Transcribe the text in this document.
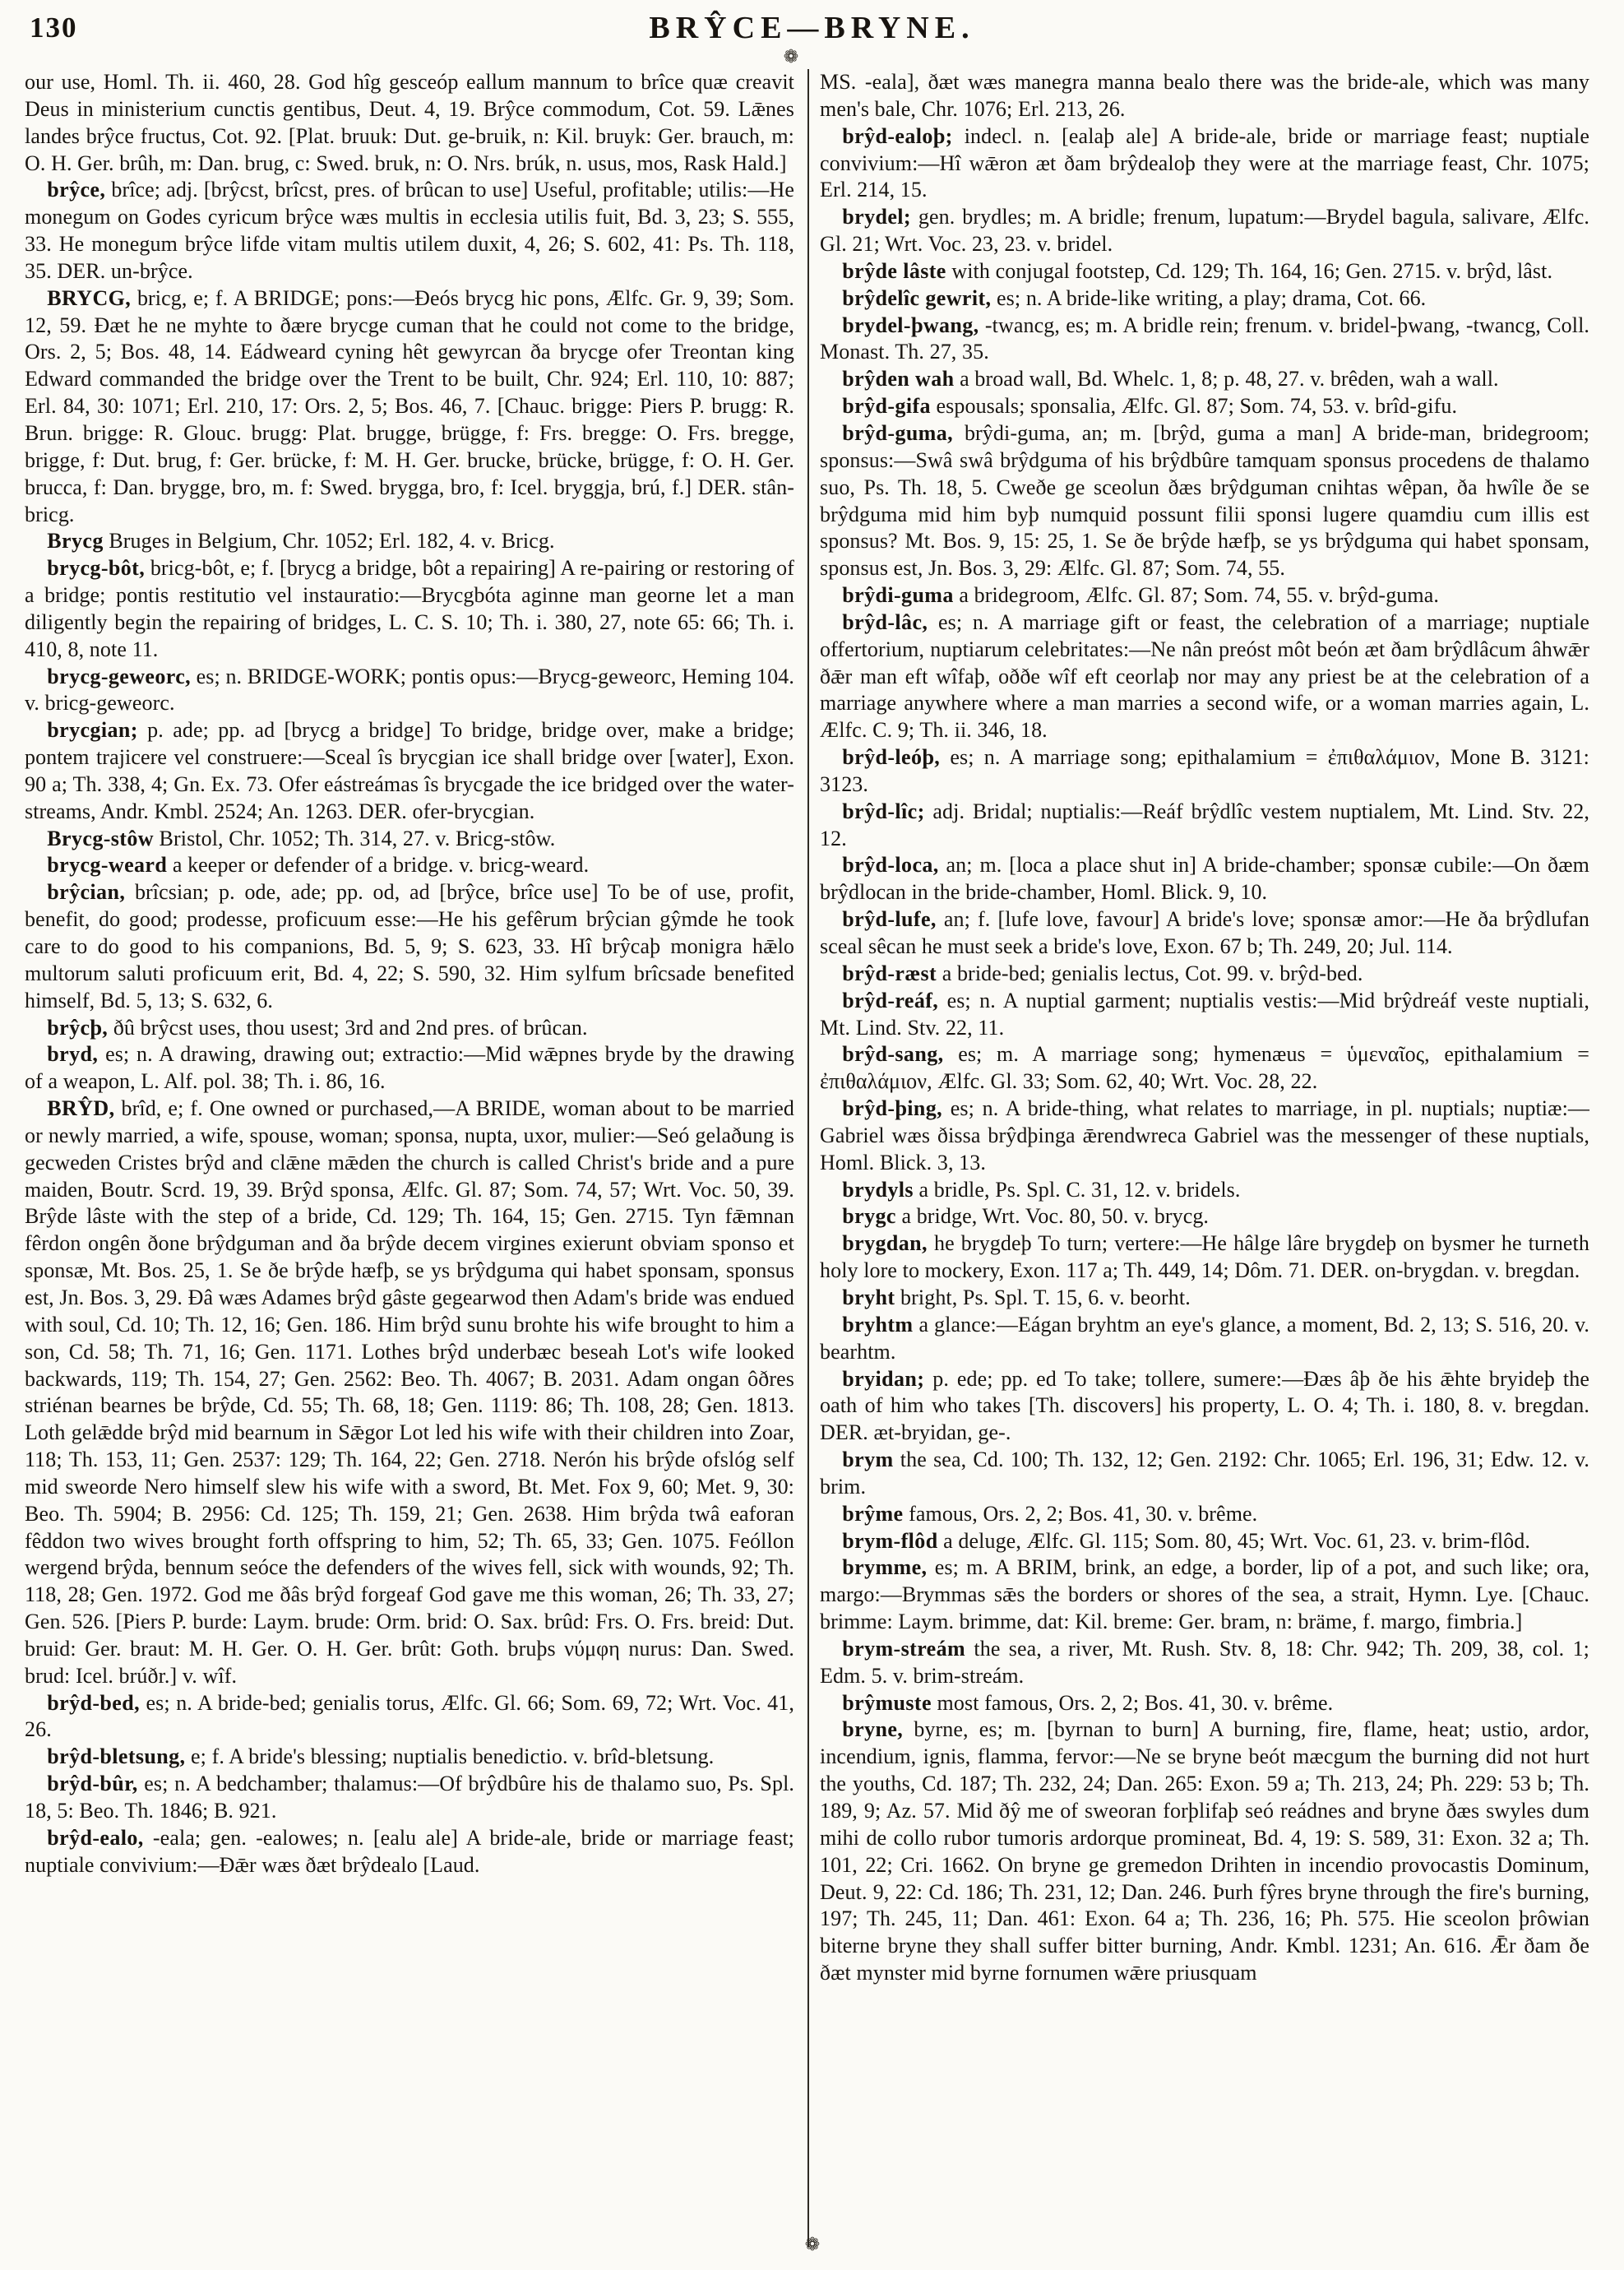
130	BRŶCE—BRYNE.
❁

our use, Homl. Th. ii. 460, 28. God hîg gesceóp eallum mannum to brîce quæ creavit Deus in ministerium cunctis gentibus, Deut. 4, 19. Brŷce commodum, Cot. 59. Lǣnes landes brŷce fructus, Cot. 92. [Plat. bruuk: Dut. ge-bruik, n: Kil. bruyk: Ger. brauch, m: O. H. Ger. brûh, m: Dan. brug, c: Swed. bruk, n: O. Nrs. brúk, n. usus, mos, Rask Hald.]

brŷce, brîce; adj. [brŷcst, brîcst, pres. of brûcan to use] Useful, profitable; utilis:—He monegum on Godes cyricum brŷce wæs multis in ecclesia utilis fuit, Bd. 3, 23; S. 555, 33. He monegum brŷce lifde vitam multis utilem duxit, 4, 26; S. 602, 41: Ps. Th. 118, 35. DER. un-brŷce.

BRYCG, bricg, e; f. A BRIDGE; pons:—Ðeós brycg hic pons, Ælfc. Gr. 9, 39; Som. 12, 59. Ðæt he ne myhte to ðære brycge cuman that he could not come to the bridge, Ors. 2, 5; Bos. 48, 14. Eádweard cyning hêt gewyrcan ða brycge ofer Treontan king Edward commanded the bridge over the Trent to be built, Chr. 924; Erl. 110, 10: 887; Erl. 84, 30: 1071; Erl. 210, 17: Ors. 2, 5; Bos. 46, 7. [Chauc. brigge: Piers P. brugg: R. Brun. brigge: R. Glouc. brugg: Plat. brugge, brügge, f: Frs. bregge: O. Frs. bregge, brigge, f: Dut. brug, f: Ger. brücke, f: M. H. Ger. brucke, brücke, brügge, f: O. H. Ger. brucca, f: Dan. brygge, bro, m. f: Swed. brygga, bro, f: Icel. bryggja, brú, f.] DER. stân-bricg.

Brycg Bruges in Belgium, Chr. 1052; Erl. 182, 4. v. Bricg.

brycg-bôt, bricg-bôt, e; f. [brycg a bridge, bôt a repairing] A re-pairing or restoring of a bridge; pontis restitutio vel instauratio:—Brycgbóta aginne man georne let a man diligently begin the repairing of bridges, L. C. S. 10; Th. i. 380, 27, note 65: 66; Th. i. 410, 8, note 11.

brycg-geweorc, es; n. BRIDGE-WORK; pontis opus:—Brycg-geweorc, Heming 104. v. bricg-geweorc.

brycgian; p. ade; pp. ad [brycg a bridge] To bridge, bridge over, make a bridge; pontem trajicere vel construere:—Sceal îs brycgian ice shall bridge over [water], Exon. 90 a; Th. 338, 4; Gn. Ex. 73. Ofer eástreámas îs brycgade the ice bridged over the water-streams, Andr. Kmbl. 2524; An. 1263. DER. ofer-brycgian.

Brycg-stôw Bristol, Chr. 1052; Th. 314, 27. v. Bricg-stôw.

brycg-weard a keeper or defender of a bridge. v. bricg-weard.

brŷcian, brîcsian; p. ode, ade; pp. od, ad [brŷce, brîce use] To be of use, profit, benefit, do good; prodesse, proficuum esse:—He his gefêrum brŷcian gŷmde he took care to do good to his companions, Bd. 5, 9; S. 623, 33. Hî brŷcaþ monigra hǣlo multorum saluti proficuum erit, Bd. 4, 22; S. 590, 32. Him sylfum brîcsade benefited himself, Bd. 5, 13; S. 632, 6.

brŷcþ, ðû brŷcst uses, thou usest; 3rd and 2nd pres. of brûcan.

bryd, es; n. A drawing, drawing out; extractio:—Mid wǣpnes bryde by the drawing of a weapon, L. Alf. pol. 38; Th. i. 86, 16.

BRŶD, brîd, e; f. One owned or purchased,—A BRIDE, woman about to be married or newly married, a wife, spouse, woman; sponsa, nupta, uxor, mulier:—Seó gelaðung is gecweden Cristes brŷd and clǣne mǣden the church is called Christ's bride and a pure maiden, Boutr. Scrd. 19, 39. Brŷd sponsa, Ælfc. Gl. 87; Som. 74, 57; Wrt. Voc. 50, 39. Brŷde lâste with the step of a bride, Cd. 129; Th. 164, 15; Gen. 2715. Tyn fǣmnan fêrdon ongên ðone brŷdguman and ða brŷde decem virgines exierunt obviam sponso et sponsæ, Mt. Bos. 25, 1. Se ðe brŷde hæfþ, se ys brŷdguma qui habet sponsam, sponsus est, Jn. Bos. 3, 29. Ðâ wæs Adames brŷd gâste gegearwod then Adam's bride was endued with soul, Cd. 10; Th. 12, 16; Gen. 186. Him brŷd sunu brohte his wife brought to him a son, Cd. 58; Th. 71, 16; Gen. 1171. Lothes brŷd underbæc beseah Lot's wife looked backwards, 119; Th. 154, 27; Gen. 2562: Beo. Th. 4067; B. 2031. Adam ongan ôðres striénan bearnes be brŷde, Cd. 55; Th. 68, 18; Gen. 1119: 86; Th. 108, 28; Gen. 1813. Loth gelǣdde brŷd mid bearnum in Sǣgor Lot led his wife with their children into Zoar, 118; Th. 153, 11; Gen. 2537: 129; Th. 164, 22; Gen. 2718. Nerón his brŷde ofslóg self mid sweorde Nero himself slew his wife with a sword, Bt. Met. Fox 9, 60; Met. 9, 30: Beo. Th. 5904; B. 2956: Cd. 125; Th. 159, 21; Gen. 2638. Him brŷda twâ eaforan fêddon two wives brought forth offspring to him, 52; Th. 65, 33; Gen. 1075. Feóllon wergend brŷda, bennum seóce the defenders of the wives fell, sick with wounds, 92; Th. 118, 28; Gen. 1972. God me ðâs brŷd forgeaf God gave me this woman, 26; Th. 33, 27; Gen. 526. [Piers P. burde: Laym. brude: Orm. brid: O. Sax. brûd: Frs. O. Frs. breid: Dut. bruid: Ger. braut: M. H. Ger. O. H. Ger. brût: Goth. bruþs νύμφη nurus: Dan. Swed. brud: Icel. brúðr.] v. wîf.

brŷd-bed, es; n. A bride-bed; genialis torus, Ælfc. Gl. 66; Som. 69, 72; Wrt. Voc. 41, 26.

brŷd-bletsung, e; f. A bride's blessing; nuptialis benedictio. v. brîd-bletsung.

brŷd-bûr, es; n. A bedchamber; thalamus:—Of brŷdbûre his de thalamo suo, Ps. Spl. 18, 5: Beo. Th. 1846; B. 921.

brŷd-ealo, -eala; gen. -ealowes; n. [ealu ale] A bride-ale, bride or marriage feast; nuptiale convivium:—Ðǣr wæs ðæt brŷdealo [Laud.

MS. -eala], ðæt wæs manegra manna bealo there was the bride-ale, which was many men's bale, Chr. 1076; Erl. 213, 26.

brŷd-ealoþ; indecl. n. [ealaþ ale] A bride-ale, bride or marriage feast; nuptiale convivium:—Hî wǣron æt ðam brŷdealoþ they were at the marriage feast, Chr. 1075; Erl. 214, 15.

brydel; gen. brydles; m. A bridle; frenum, lupatum:—Brydel bagula, salivare, Ælfc. Gl. 21; Wrt. Voc. 23, 23. v. bridel.

brŷde lâste with conjugal footstep, Cd. 129; Th. 164, 16; Gen. 2715. v. brŷd, lâst.

brŷdelîc gewrit, es; n. A bride-like writing, a play; drama, Cot. 66.

brydel-þwang, -twancg, es; m. A bridle rein; frenum. v. bridel-þwang, -twancg, Coll. Monast. Th. 27, 35.

brŷden wah a broad wall, Bd. Whelc. 1, 8; p. 48, 27. v. brêden, wah a wall.

brŷd-gifa espousals; sponsalia, Ælfc. Gl. 87; Som. 74, 53. v. brîd-gifu.

brŷd-guma, brŷdi-guma, an; m. [brŷd, guma a man] A bride-man, bridegroom; sponsus:—Swâ swâ brŷdguma of his brŷdbûre tamquam sponsus procedens de thalamo suo, Ps. Th. 18, 5. Cweðe ge sceolun ðæs brŷdguman cnihtas wêpan, ða hwîle ðe se brŷdguma mid him byþ numquid possunt filii sponsi lugere quamdiu cum illis est sponsus? Mt. Bos. 9, 15: 25, 1. Se ðe brŷde hæfþ, se ys brŷdguma qui habet sponsam, sponsus est, Jn. Bos. 3, 29: Ælfc. Gl. 87; Som. 74, 55.

brŷdi-guma a bridegroom, Ælfc. Gl. 87; Som. 74, 55. v. brŷd-guma.

brŷd-lâc, es; n. A marriage gift or feast, the celebration of a marriage; nuptiale offertorium, nuptiarum celebritates:—Ne nân preóst môt beón æt ðam brŷdlâcum âhwǣr ðǣr man eft wîfaþ, oððe wîf eft ceorlaþ nor may any priest be at the celebration of a marriage anywhere where a man marries a second wife, or a woman marries again, L. Ælfc. C. 9; Th. ii. 346, 18.

brŷd-leóþ, es; n. A marriage song; epithalamium = ἐπιθαλάμιον, Mone B. 3121: 3123.

brŷd-lîc; adj. Bridal; nuptialis:—Reáf brŷdlîc vestem nuptialem, Mt. Lind. Stv. 22, 12.

brŷd-loca, an; m. [loca a place shut in] A bride-chamber; sponsæ cubile:—On ðæm brŷdlocan in the bride-chamber, Homl. Blick. 9, 10.

brŷd-lufe, an; f. [lufe love, favour] A bride's love; sponsæ amor:—He ða brŷdlufan sceal sêcan he must seek a bride's love, Exon. 67 b; Th. 249, 20; Jul. 114.

brŷd-ræst a bride-bed; genialis lectus, Cot. 99. v. brŷd-bed.

brŷd-reáf, es; n. A nuptial garment; nuptialis vestis:—Mid brŷdreáf veste nuptiali, Mt. Lind. Stv. 22, 11.

brŷd-sang, es; m. A marriage song; hymenæus = ὑμεναῖος, epithalamium = ἐπιθαλάμιον, Ælfc. Gl. 33; Som. 62, 40; Wrt. Voc. 28, 22.

brŷd-þing, es; n. A bride-thing, what relates to marriage, in pl. nuptials; nuptiæ:—Gabriel wæs ðissa brŷdþinga ǣrendwreca Gabriel was the messenger of these nuptials, Homl. Blick. 3, 13.

brydyls a bridle, Ps. Spl. C. 31, 12. v. bridels.

brygc a bridge, Wrt. Voc. 80, 50. v. brycg.

brygdan, he brygdeþ To turn; vertere:—He hâlge lâre brygdeþ on bysmer he turneth holy lore to mockery, Exon. 117 a; Th. 449, 14; Dôm. 71. DER. on-brygdan. v. bregdan.

bryht bright, Ps. Spl. T. 15, 6. v. beorht.

bryhtm a glance:—Eágan bryhtm an eye's glance, a moment, Bd. 2, 13; S. 516, 20. v. bearhtm.

bryidan; p. ede; pp. ed To take; tollere, sumere:—Ðæs âþ ðe his ǣhte bryideþ the oath of him who takes [Th. discovers] his property, L. O. 4; Th. i. 180, 8. v. bregdan. DER. æt-bryidan, ge-.

brym the sea, Cd. 100; Th. 132, 12; Gen. 2192: Chr. 1065; Erl. 196, 31; Edw. 12. v. brim.

brŷme famous, Ors. 2, 2; Bos. 41, 30. v. brême.

brym-flôd a deluge, Ælfc. Gl. 115; Som. 80, 45; Wrt. Voc. 61, 23. v. brim-flôd.

brymme, es; m. A BRIM, brink, an edge, a border, lip of a pot, and such like; ora, margo:—Brymmas sǣs the borders or shores of the sea, a strait, Hymn. Lye. [Chauc. brimme: Laym. brimme, dat: Kil. breme: Ger. bram, n: bräme, f. margo, fimbria.]

brym-streám the sea, a river, Mt. Rush. Stv. 8, 18: Chr. 942; Th. 209, 38, col. 1; Edm. 5. v. brim-streám.

brŷmuste most famous, Ors. 2, 2; Bos. 41, 30. v. brême.

bryne, byrne, es; m. [byrnan to burn] A burning, fire, flame, heat; ustio, ardor, incendium, ignis, flamma, fervor:—Ne se bryne beót mæcgum the burning did not hurt the youths, Cd. 187; Th. 232, 24; Dan. 265: Exon. 59 a; Th. 213, 24; Ph. 229: 53 b; Th. 189, 9; Az. 57. Mid ðŷ me of sweoran forþlifaþ seó reádnes and bryne ðæs swyles dum mihi de collo rubor tumoris ardorque promineat, Bd. 4, 19: S. 589, 31: Exon. 32 a; Th. 101, 22; Cri. 1662. On bryne ge gremedon Drihten in incendio provocastis Dominum, Deut. 9, 22: Cd. 186; Th. 231, 12; Dan. 246. Þurh fŷres bryne through the fire's burning, 197; Th. 245, 11; Dan. 461: Exon. 64 a; Th. 236, 16; Ph. 575. Hie sceolon þrôwian biterne bryne they shall suffer bitter burning, Andr. Kmbl. 1231; An. 616. Ǣr ðam ðe ðæt mynster mid byrne fornumen wǣre priusquam

❁
